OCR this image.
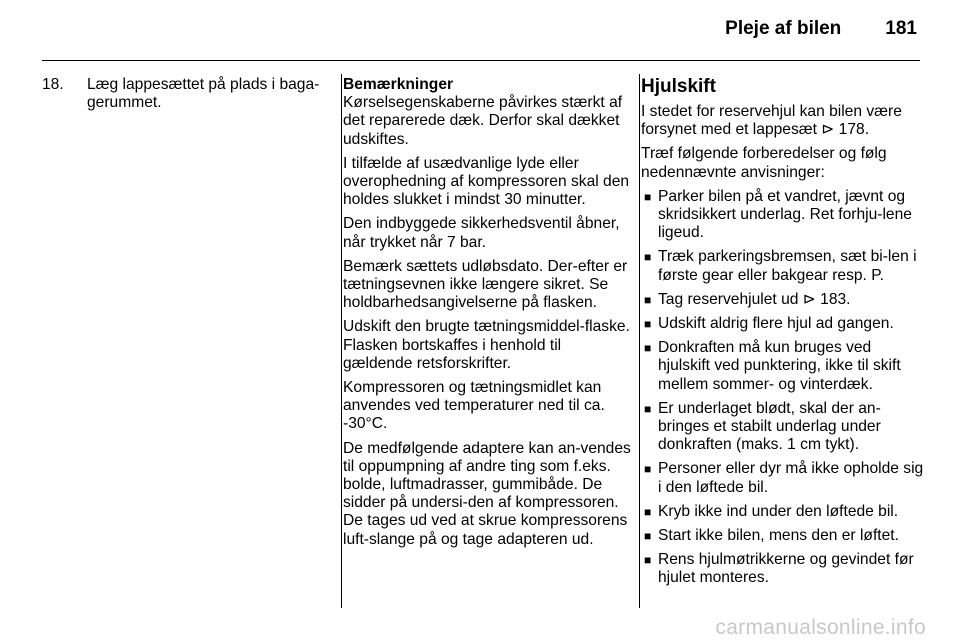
Pleje af bilen 181
18.	Læg lappesættet på plads i baga-
gerummet.
Bemærkninger

Kørselsegenskaberne påvirkes stærkt af det reparerede dæk. Derfor skal dækket udskiftes.

I tilfælde af usædvanlige lyde eller overophedning af kompressoren skal den holdes slukket i mindst 30 minutter.

Den indbyggede sikkerhedsventil åbner, når trykket når 7 bar.

Bemærk sættets udløbsdato. Der-efter er tætningsevnen ikke længere sikret. Se holdbarhedsangivelserne på flasken.

Udskift den brugte tætningsmiddel-flaske. Flasken bortskaffes i henhold til gældende retsforskrifter.

Kompressoren og tætningsmidlet kan anvendes ved temperaturer ned til ca. -30°C.

De medfølgende adaptere kan an-vendes til oppumpning af andre ting som f.eks. bolde, luftmadrasser, gummibåde. De sidder på undersi-den af kompressoren. De tages ud ved at skrue kompressorens luft-slange på og tage adapteren ud.

Hjulskift

I stedet for reservehjul kan bilen være forsynet med et lappesæt ⊳ 178.

Træf følgende forberedelser og følg nedennævnte anvisninger:

■ Parker bilen på et vandret, jævnt og skridsikkert underlag. Ret forhju-lene ligeud.
■ Træk parkeringsbremsen, sæt bi-len i første gear eller bakgear resp. P.
■ Tag reservehjulet ud ⊳ 183.
■ Udskift aldrig flere hjul ad gangen.
■ Donkraften må kun bruges ved hjulskift ved punktering, ikke til skift mellem sommer- og vinterdæk.
■ Er underlaget blødt, skal der an-bringes et stabilt underlag under donkraften (maks. 1 cm tykt).
■ Personer eller dyr må ikke opholde sig i den løftede bil.
■ Kryb ikke ind under den løftede bil.
■ Start ikke bilen, mens den er løftet.
■ Rens hjulmøtrikkerne og gevindet før hjulet monteres.
carmanualsonline.info
